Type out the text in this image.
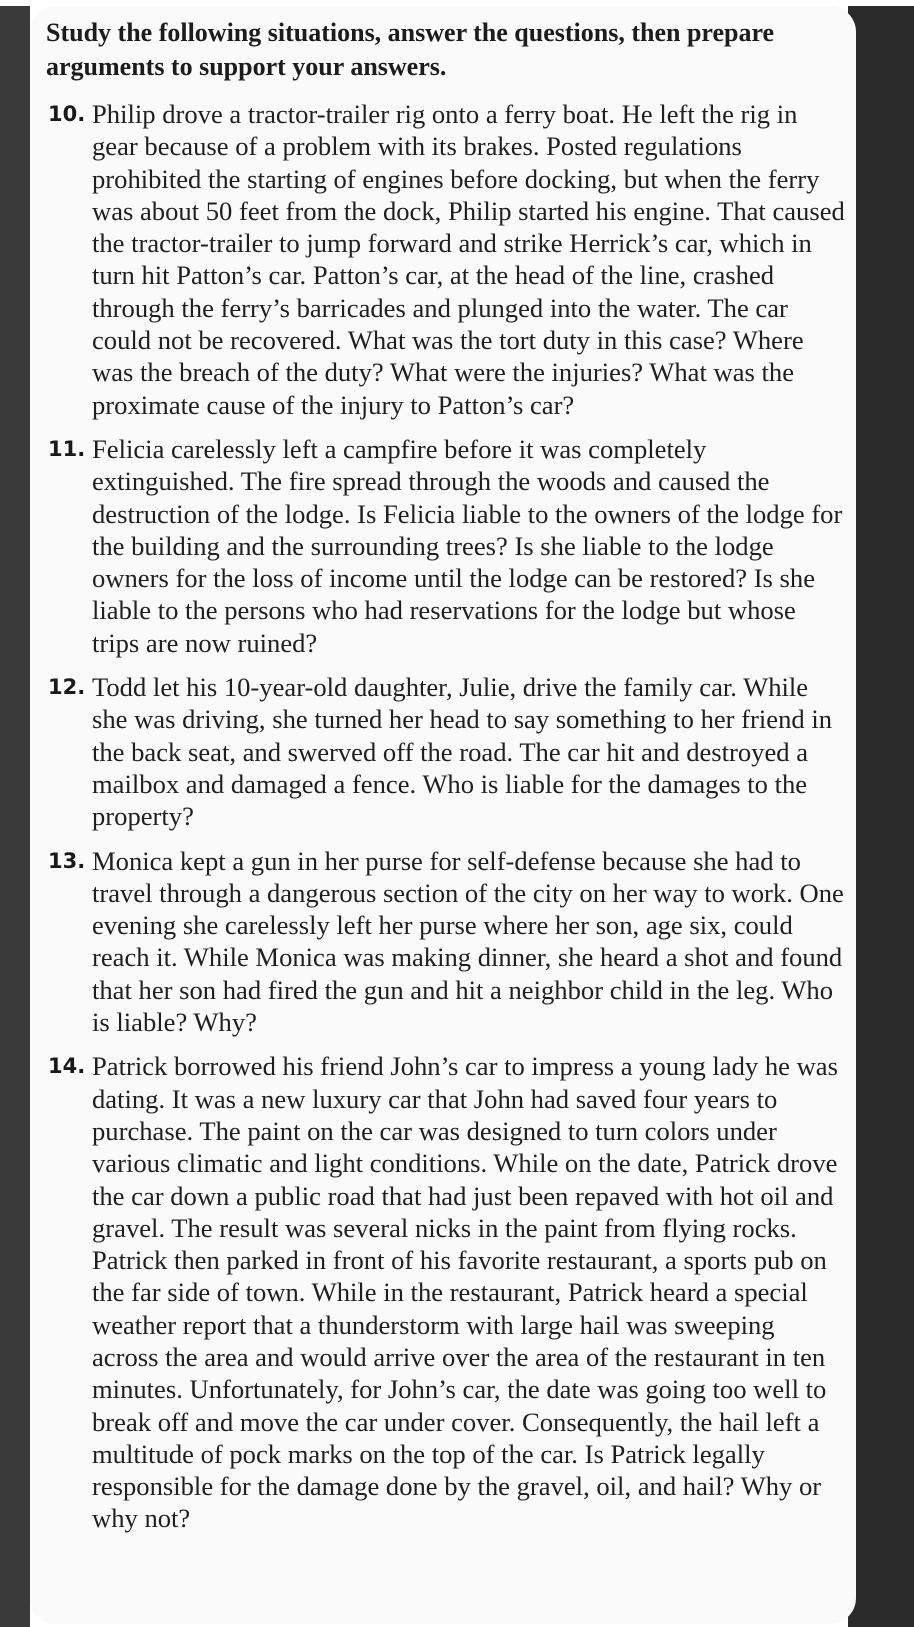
Study the following situations, answer the questions, then prepare arguments to support your answers.
10. Philip drove a tractor-trailer rig onto a ferry boat. He left the rig in gear because of a problem with its brakes. Posted regulations prohibited the starting of engines before docking, but when the ferry was about 50 feet from the dock, Philip started his engine. That caused the tractor-trailer to jump forward and strike Herrick’s car, which in turn hit Patton’s car. Patton’s car, at the head of the line, crashed through the ferry’s barricades and plunged into the water. The car could not be recovered. What was the tort duty in this case? Where was the breach of the duty? What were the injuries? What was the proximate cause of the injury to Patton’s car?
11. Felicia carelessly left a campfire before it was completely extinguished. The fire spread through the woods and caused the destruction of the lodge. Is Felicia liable to the owners of the lodge for the building and the surrounding trees? Is she liable to the lodge owners for the loss of income until the lodge can be restored? Is she liable to the persons who had reservations for the lodge but whose trips are now ruined?
12. Todd let his 10-year-old daughter, Julie, drive the family car. While she was driving, she turned her head to say something to her friend in the back seat, and swerved off the road. The car hit and destroyed a mailbox and damaged a fence. Who is liable for the damages to the property?
13. Monica kept a gun in her purse for self-defense because she had to travel through a dangerous section of the city on her way to work. One evening she carelessly left her purse where her son, age six, could reach it. While Monica was making dinner, she heard a shot and found that her son had fired the gun and hit a neighbor child in the leg. Who is liable? Why?
14. Patrick borrowed his friend John’s car to impress a young lady he was dating. It was a new luxury car that John had saved four years to purchase. The paint on the car was designed to turn colors under various climatic and light conditions. While on the date, Patrick drove the car down a public road that had just been repaved with hot oil and gravel. The result was several nicks in the paint from flying rocks. Patrick then parked in front of his favorite restaurant, a sports pub on the far side of town. While in the restaurant, Patrick heard a special weather report that a thunderstorm with large hail was sweeping across the area and would arrive over the area of the restaurant in ten minutes. Unfortunately, for John’s car, the date was going too well to break off and move the car under cover. Consequently, the hail left a multitude of pock marks on the top of the car. Is Patrick legally responsible for the damage done by the gravel, oil, and hail? Why or why not?
